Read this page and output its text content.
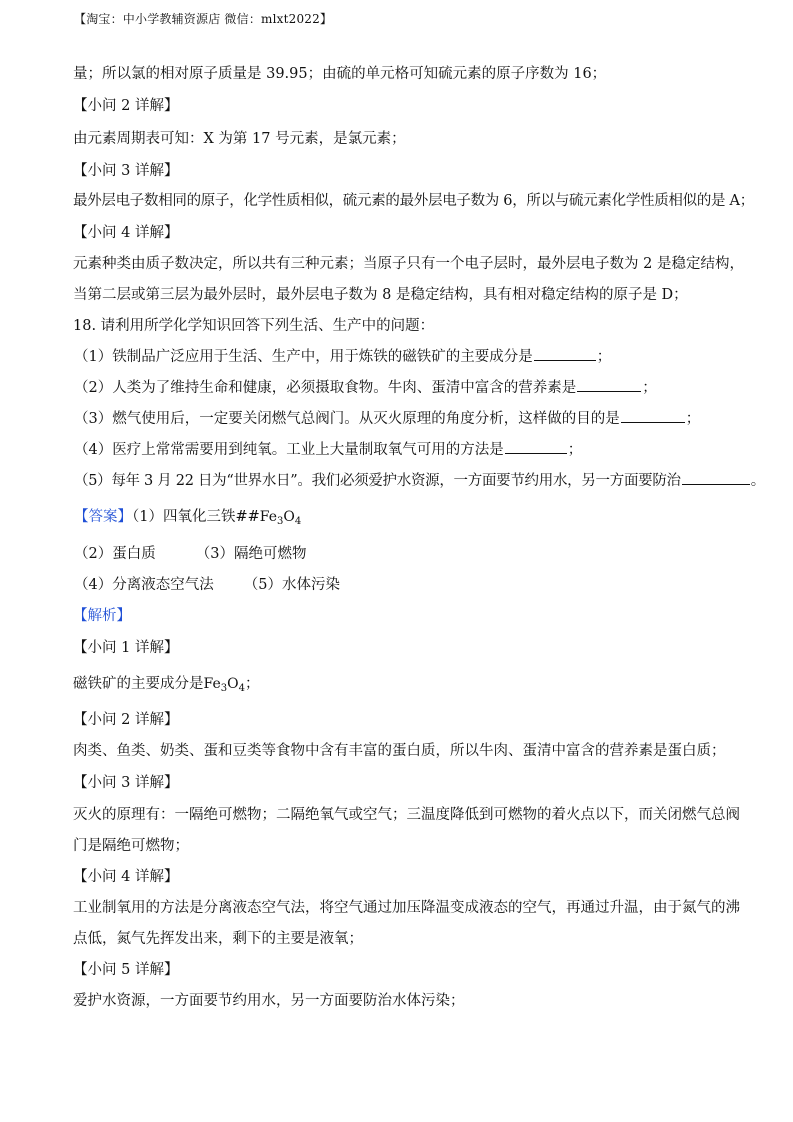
【淘宝：中小学教辅资源店 微信：mlxt2022】
量；所以氯的相对原子质量是 39.95；由硫的单元格可知硫元素的原子序数为 16；
【小问 2 详解】
由元素周期表可知：X 为第 17 号元素，是氯元素；
【小问 3 详解】
最外层电子数相同的原子，化学性质相似，硫元素的最外层电子数为 6，所以与硫元素化学性质相似的是 A；
【小问 4 详解】
元素种类由质子数决定，所以共有三种元素；当原子只有一个电子层时，最外层电子数为 2 是稳定结构，
当第二层或第三层为最外层时，最外层电子数为 8 是稳定结构，具有相对稳定结构的原子是 D；
18. 请利用所学化学知识回答下列生活、生产中的问题：
（1）铁制品广泛应用于生活、生产中，用于炼铁的磁铁矿的主要成分是	；
（2）人类为了维持生命和健康，必须摄取食物。牛肉、蛋清中富含的营养素是	；
（3）燃气使用后，一定要关闭燃气总阀门。从灭火原理的角度分析，这样做的目的是	；
（4）医疗上常常需要用到纯氧。工业上大量制取氧气可用的方法是	；
（5）每年 3 月 22 日为“世界水日”。我们必须爱护水资源，一方面要节约用水，另一方面要防治	。
【答案】（1）四氧化三铁$\#\#Fe_3O_4$
（2）蛋白质	（3）隔绝可燃物
（4）分离液态空气法 （5）水体污染
【解析】
【小问 1 详解】
磁铁矿的主要成分是$Fe_3O_4$；
【小问 2 详解】
肉类、鱼类、奶类、蛋和豆类等食物中含有丰富的蛋白质，所以牛肉、蛋清中富含的营养素是蛋白质；
【小问 3 详解】
灭火的原理有：一隔绝可燃物；二隔绝氧气或空气；三温度降低到可燃物的着火点以下，而关闭燃气总阀
门是隔绝可燃物；
【小问 4 详解】
工业制氧用的方法是分离液态空气法，将空气通过加压降温变成液态的空气，再通过升温，由于氮气的沸
点低，氮气先挥发出来，剩下的主要是液氧；
【小问 5 详解】
爱护水资源，一方面要节约用水，另一方面要防治水体污染；
